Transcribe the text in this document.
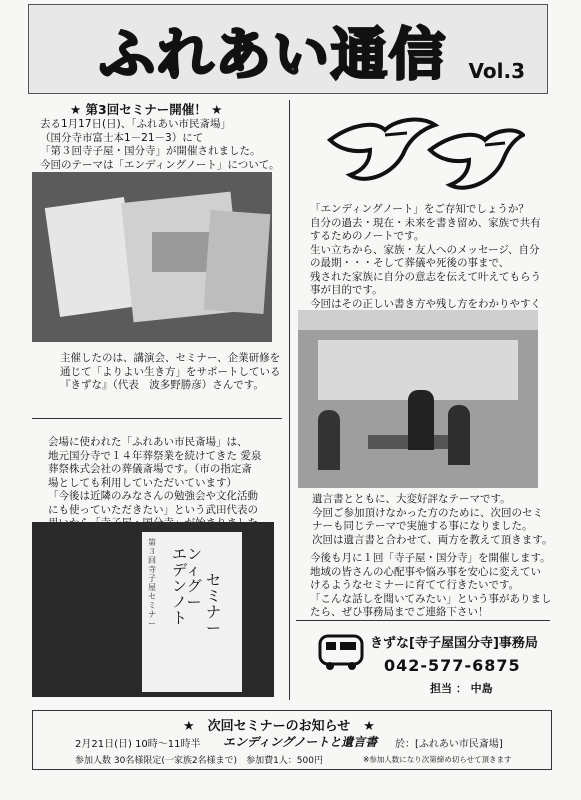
ふれあい通信 Vol.3
★ 第3回セミナー開催！ ★
去る1月17日(日)、「ふれあい市民斎場」
（国分寺市富士本1－21－3）にて
「第３回寺子屋・国分寺」が開催されました。
今回のテーマは「エンディングノート」について。
主催したのは、講演会、セミナー、企業研修を
通じて「よりよい生き方」をサポートしている
『きずな』（代表　波多野勝彦）さんです。
会場に使われた「ふれあい市民斎場」は、
地元国分寺で１４年葬祭業を続けてきた 愛泉
葬祭株式会社の葬儀斎場です。（市の指定斎
場としても利用していただいています）
「今後は近隣のみなさんの勉強会や文化活動
にも使っていただきたい」という武田代表の

第３回　寺子屋セミナー
エンディングノート
セミナー
「エンディングノート」をご存知でしょうか？
自分の過去・現在・未来を書き留め、家族で共有
するためのノートです。
生い立ちから、家族・友人へのメッセージ、自分
の最期・・・そして葬儀や死後の事まで、
残された家族に自分の意志を伝えて叶えてもらう
事が目的です。
今回はその正しい書き方や残し方をわかりやすく

遺言書とともに、大変好評なテーマです。
今回ご参加頂けなかった方のために、次回のセミ
ナーも同じテーマで実施する事になりました。
次回は遺言書と合わせて、両方を教えて頂きます。
今後も月に１回「寺子屋・国分寺」を開催します。
地域の皆さんの心配事や悩み事を安心に変えてい
けるようなセミナーに育てて行きたいです。
「こんな話しを聞いてみたい」という事がありまし
たら、ぜひ事務局までご連絡下さい！
きずな[寺子屋国分寺]事務局
042-577-6875
担当 ： 中島
★　次回セミナーのお知らせ　★
2月21日(日) 10時〜11時半 エンディングノートと遺言書 於：[ふれあい市民斎場]
参加人数 30名様限定(一家族2名様まで)　参加費1人：500円	※参加人数になり次第締め切らせて頂きます
